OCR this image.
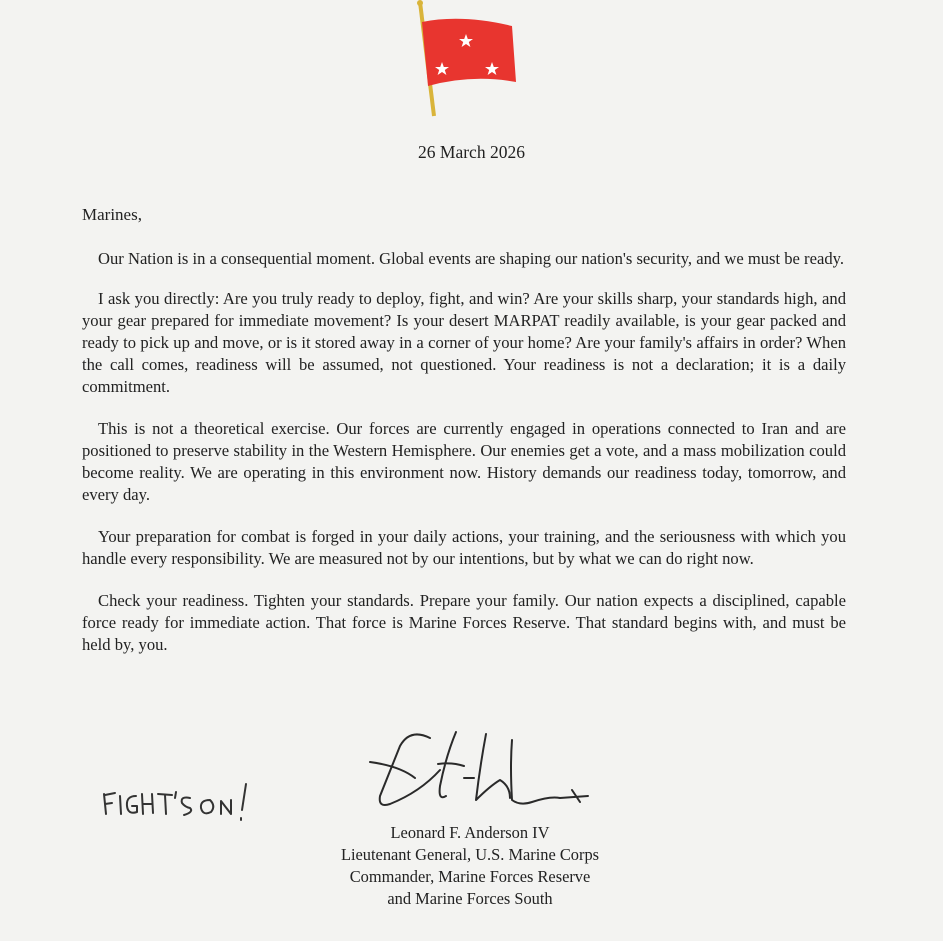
26 March 2026
Marines,

Our Nation is in a consequential moment. Global events are shaping our nation's security, and we must be ready.

I ask you directly: Are you truly ready to deploy, fight, and win? Are your skills sharp, your standards high, and your gear prepared for immediate movement? Is your desert MARPAT readily available, is your gear packed and ready to pick up and move, or is it stored away in a corner of your home? Are your family's affairs in order? When the call comes, readiness will be assumed, not questioned. Your readiness is not a declaration; it is a daily commitment.

This is not a theoretical exercise. Our forces are currently engaged in operations connected to Iran and are positioned to preserve stability in the Western Hemisphere. Our enemies get a vote, and a mass mobilization could become reality. We are operating in this environment now. History demands our readiness today, tomorrow, and every day.

Your preparation for combat is forged in your daily actions, your training, and the seriousness with which you handle every responsibility. We are measured not by our intentions, but by what we can do right now.

Check your readiness. Tighten your standards. Prepare your family. Our nation expects a disciplined, capable force ready for immediate action. That force is Marine Forces Reserve. That standard begins with, and must be held by, you.

Leonard F. Anderson IV
Lieutenant General, U.S. Marine Corps
Commander, Marine Forces Reserve
and Marine Forces South
